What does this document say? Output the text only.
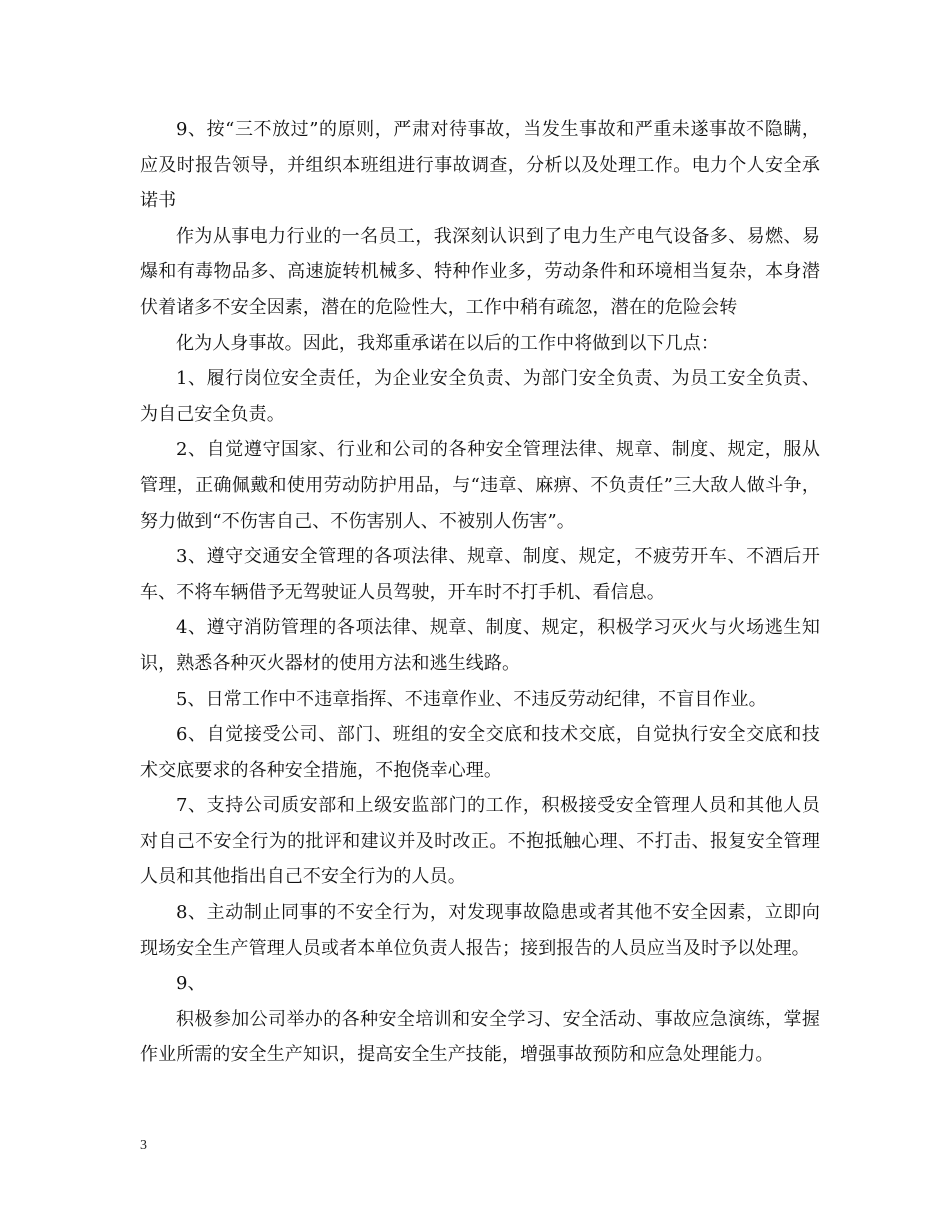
9、按“三不放过”的原则，严肃对待事故，当发生事故和严重未遂事故不隐瞒，应及时报告领导，并组织本班组进行事故调查，分析以及处理工作。电力个人安全承诺书

作为从事电力行业的一名员工，我深刻认识到了电力生产电气设备多、易燃、易爆和有毒物品多、高速旋转机械多、特种作业多，劳动条件和环境相当复杂，本身潜伏着诸多不安全因素，潜在的危险性大，工作中稍有疏忽，潜在的危险会转

化为人身事故。因此，我郑重承诺在以后的工作中将做到以下几点：

1、履行岗位安全责任，为企业安全负责、为部门安全负责、为员工安全负责、为自己安全负责。

2、自觉遵守国家、行业和公司的各种安全管理法律、规章、制度、规定，服从管理，正确佩戴和使用劳动防护用品，与“违章、麻痹、不负责任”三大敌人做斗争，努力做到“不伤害自己、不伤害别人、不被别人伤害”。

3、遵守交通安全管理的各项法律、规章、制度、规定，不疲劳开车、不酒后开车、不将车辆借予无驾驶证人员驾驶，开车时不打手机、看信息。

4、遵守消防管理的各项法律、规章、制度、规定，积极学习灭火与火场逃生知识，熟悉各种灭火器材的使用方法和逃生线路。

5、日常工作中不违章指挥、不违章作业、不违反劳动纪律，不盲目作业。

6、自觉接受公司、部门、班组的安全交底和技术交底，自觉执行安全交底和技术交底要求的各种安全措施，不抱侥幸心理。

7、支持公司质安部和上级安监部门的工作，积极接受安全管理人员和其他人员对自己不安全行为的批评和建议并及时改正。不抱抵触心理、不打击、报复安全管理人员和其他指出自己不安全行为的人员。

8、主动制止同事的不安全行为，对发现事故隐患或者其他不安全因素，立即向现场安全生产管理人员或者本单位负责人报告；接到报告的人员应当及时予以处理。

9、

积极参加公司举办的各种安全培训和安全学习、安全活动、事故应急演练，掌握作业所需的安全生产知识，提高安全生产技能，增强事故预防和应急处理能力。

3
